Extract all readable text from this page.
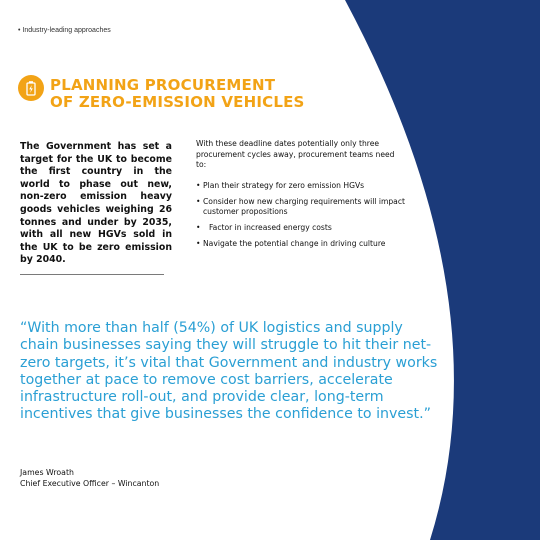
• Industry-leading approaches
PLANNING PROCUREMENT
OF ZERO-EMISSION VEHICLES
The Government has set a target for the UK to become the first country in the world to phase out new, non-zero emission heavy goods vehicles weighing 26 tonnes and under by 2035, with all new HGVs sold in the UK to be zero emission by 2040.
With these deadline dates potentially only three procurement cycles away, procurement teams need to:
• Plan their strategy for zero emission HGVs
• Consider how new charging requirements will impact customer propositions
• Factor in increased energy costs
• Navigate the potential change in driving culture
“With more than half (54%) of UK logistics and supply chain businesses saying they will struggle to hit their net-zero targets, it’s vital that Government and industry works together at pace to remove cost barriers, accelerate infrastructure roll-out, and provide clear, long-term incentives that give businesses the confidence to invest.”
James Wroath
Chief Executive Officer – Wincanton
